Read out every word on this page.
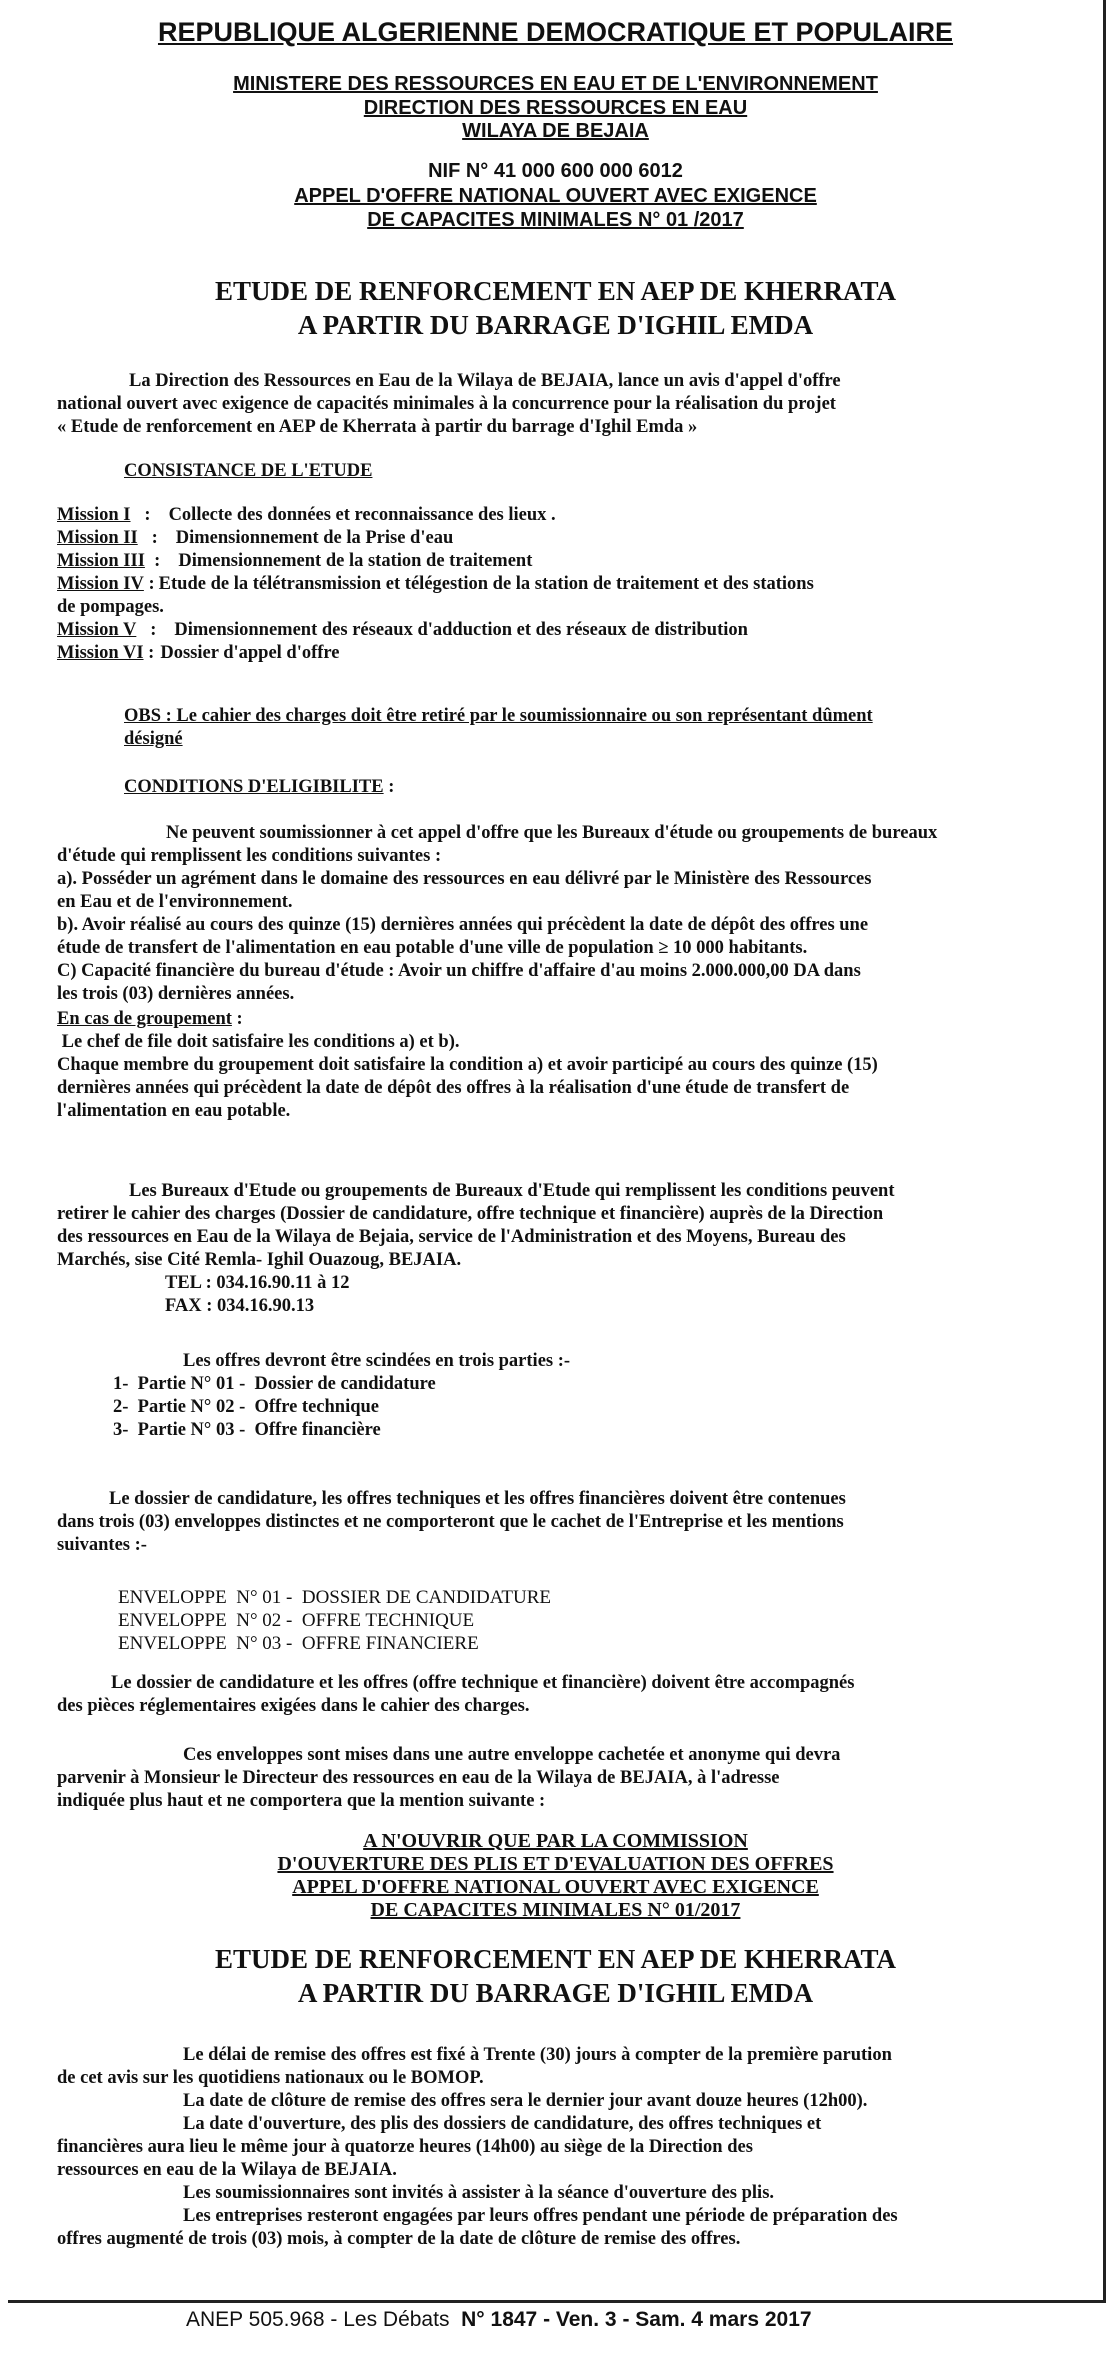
REPUBLIQUE ALGERIENNE DEMOCRATIQUE ET POPULAIRE
MINISTERE DES RESSOURCES EN EAU ET DE L'ENVIRONNEMENT
DIRECTION DES RESSOURCES EN EAU
WILAYA DE BEJAIA
NIF N° 41 000 600 000 6012
APPEL D'OFFRE NATIONAL OUVERT AVEC EXIGENCE
DE CAPACITES MINIMALES N° 01 /2017
ETUDE DE RENFORCEMENT EN AEP DE KHERRATA
A PARTIR DU BARRAGE D'IGHIL EMDA
La Direction des Ressources en Eau de la Wilaya de BEJAIA, lance un avis d'appel d'offre
national ouvert avec exigence de capacités minimales à la concurrence pour la réalisation du projet
« Etude de renforcement en AEP de Kherrata à partir du barrage d'Ighil Emda »
CONSISTANCE DE L'ETUDE
Mission I : Collecte des données et reconnaissance des lieux .
Mission II : Dimensionnement de la Prise d'eau
Mission III : Dimensionnement de la station de traitement
Mission IV : Etude de la télétransmission et télégestion de la station de traitement et des stations
de pompages.
Mission V : Dimensionnement des réseaux d'adduction et des réseaux de distribution
Mission VI : Dossier d'appel d'offre
OBS : Le cahier des charges doit être retiré par le soumissionnaire ou son représentant dûment
désigné
CONDITIONS D'ELIGIBILITE :
Ne peuvent soumissionner à cet appel d'offre que les Bureaux d'étude ou groupements de bureaux
d'étude qui remplissent les conditions suivantes :
a). Posséder un agrément dans le domaine des ressources en eau délivré par le Ministère des Ressources
en Eau et de l'environnement.
b). Avoir réalisé au cours des quinze (15) dernières années qui précèdent la date de dépôt des offres une
étude de transfert de l'alimentation en eau potable d'une ville de population ≥ 10 000 habitants.
C) Capacité financière du bureau d'étude : Avoir un chiffre d'affaire d'au moins 2.000.000,00 DA dans
les trois (03) dernières années.
En cas de groupement :
Le chef de file doit satisfaire les conditions a) et b).
Chaque membre du groupement doit satisfaire la condition a) et avoir participé au cours des quinze (15)
dernières années qui précèdent la date de dépôt des offres à la réalisation d'une étude de transfert de
l'alimentation en eau potable.
Les Bureaux d'Etude ou groupements de Bureaux d'Etude qui remplissent les conditions peuvent
retirer le cahier des charges (Dossier de candidature, offre technique et financière) auprès de la Direction
des ressources en Eau de la Wilaya de Bejaia, service de l'Administration et des Moyens, Bureau des
Marchés, sise Cité Remla- Ighil Ouazoug, BEJAIA.
TEL : 034.16.90.11 à 12
FAX : 034.16.90.13
Les offres devront être scindées en trois parties :-
1-  Partie N° 01 -  Dossier de candidature
2-  Partie N° 02 -  Offre technique
3-  Partie N° 03 -  Offre financière
Le dossier de candidature, les offres techniques et les offres financières doivent être contenues
dans trois (03) enveloppes distinctes et ne comporteront que le cachet de l'Entreprise et les mentions
suivantes :-
ENVELOPPE  N° 01 -  DOSSIER DE CANDIDATURE
ENVELOPPE  N° 02 -  OFFRE TECHNIQUE
ENVELOPPE  N° 03 -  OFFRE FINANCIERE
Le dossier de candidature et les offres (offre technique et financière) doivent être accompagnés
des pièces réglementaires exigées dans le cahier des charges.
Ces enveloppes sont mises dans une autre enveloppe cachetée et anonyme qui devra
parvenir à Monsieur le Directeur des ressources en eau de la Wilaya de BEJAIA, à l'adresse
indiquée plus haut et ne comportera que la mention suivante :
A N'OUVRIR QUE PAR LA COMMISSION
D'OUVERTURE DES PLIS ET D'EVALUATION DES OFFRES
APPEL D'OFFRE NATIONAL OUVERT AVEC EXIGENCE
DE CAPACITES MINIMALES N° 01/2017
ETUDE DE RENFORCEMENT EN AEP DE KHERRATA
A PARTIR DU BARRAGE D'IGHIL EMDA
Le délai de remise des offres est fixé à Trente (30) jours à compter de la première parution
de cet avis sur les quotidiens nationaux ou le BOMOP.
La date de clôture de remise des offres sera le dernier jour avant douze heures (12h00).
La date d'ouverture, des plis des dossiers de candidature, des offres techniques et
financières aura lieu le même jour à quatorze heures (14h00) au siège de la Direction des
ressources en eau de la Wilaya de BEJAIA.
Les soumissionnaires sont invités à assister à la séance d'ouverture des plis.
Les entreprises resteront engagées par leurs offres pendant une période de préparation des
offres augmenté de trois (03) mois, à compter de la date de clôture de remise des offres.
ANEP 505.968 - Les Débats  N° 1847 - Ven. 3 - Sam. 4 mars 2017
